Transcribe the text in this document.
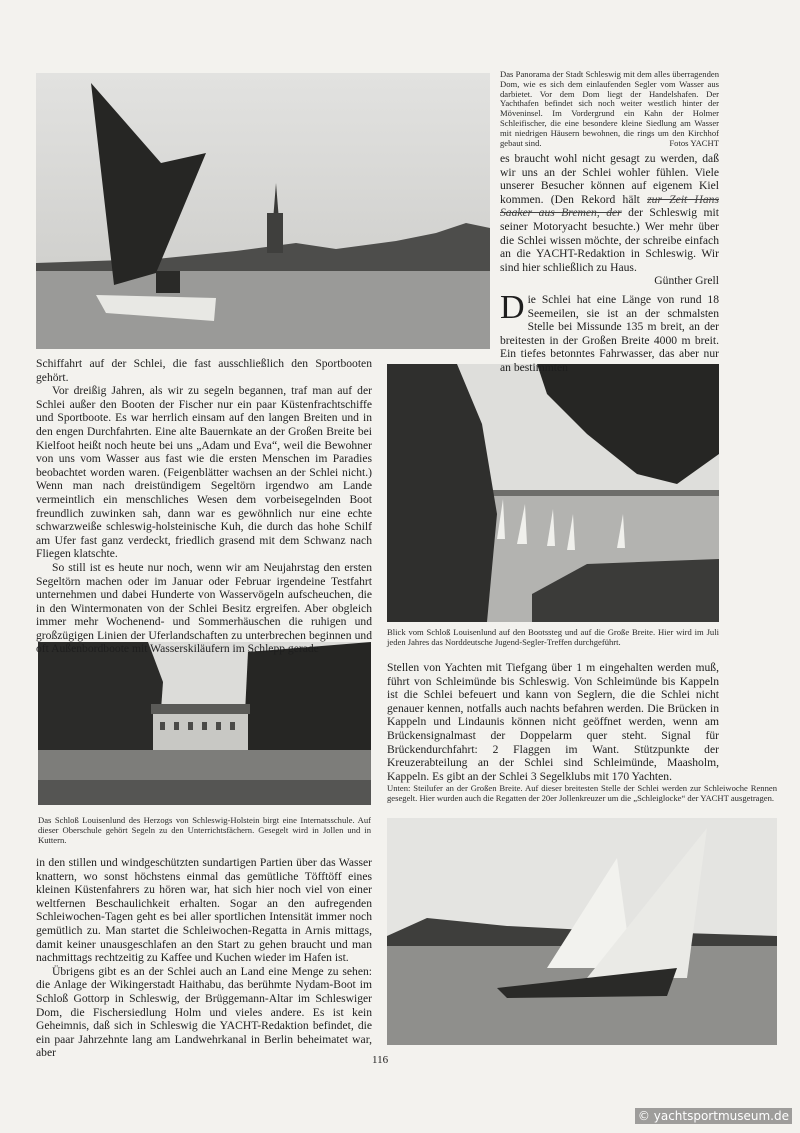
Das Panorama der Stadt Schleswig mit dem alles überragenden Dom, wie es sich dem einlaufenden Segler vom Wasser aus darbietet. Vor dem Dom liegt der Handelshafen. Der Yachthafen befindet sich noch weiter westlich hinter der Möveninsel. Im Vordergrund ein Kahn der Holmer Schleifischer, die eine besondere kleine Siedlung am Wasser mit niedrigen Häusern bewohnen, die rings um den Kirchhof gebaut sind.	Fotos YACHT

es braucht wohl nicht gesagt zu werden, daß wir uns an der Schlei wohler fühlen. Viele unserer Besucher können auf eigenem Kiel kommen. (Den Rekord hält zur Zeit Hans Saaker aus Bremen, der der Schleswig mit seiner Motoryacht besuchte.) Wer mehr über die Schlei wissen möchte, der schreibe einfach an die YACHT-Redaktion in Schleswig. Wir sind hier schließlich zu Haus.

Günther Grell

Die Schlei hat eine Länge von rund 18 Seemeilen, sie ist an der schmalsten Stelle bei Missunde 135 m breit, an der breitesten in der Großen Breite 4000 m breit. Ein tiefes betonntes Fahrwasser, das aber nur an bestimmten

Schiffahrt auf der Schlei, die fast ausschließlich den Sportbooten gehört.

Vor dreißig Jahren, als wir zu segeln begannen, traf man auf der Schlei außer den Booten der Fischer nur ein paar Küstenfrachtschiffe und Sportboote. Es war herrlich einsam auf den langen Breiten und in den engen Durchfahrten. Eine alte Bauernkate an der Großen Breite bei Kielfoot heißt noch heute bei uns „Adam und Eva“, weil die Bewohner von uns vom Wasser aus fast wie die ersten Menschen im Paradies beobachtet worden waren. (Feigenblätter wachsen an der Schlei nicht.) Wenn man nach dreistündigem Segeltörn irgendwo am Lande vermeintlich ein menschliches Wesen dem vorbeisegelnden Boot freundlich zuwinken sah, dann war es gewöhnlich nur eine echte schwarzweiße schleswig-holsteinische Kuh, die durch das hohe Schilf am Ufer fast ganz verdeckt, friedlich grasend mit dem Schwanz nach Fliegen klatschte.

So still ist es heute nur noch, wenn wir am Neujahrstag den ersten Segeltörn machen oder im Januar oder Februar irgendeine Testfahrt unternehmen und dabei Hunderte von Wasservögeln aufscheuchen, die in den Wintermonaten von der Schlei Besitz ergreifen. Aber obgleich immer mehr Wochenend- und Sommerhäuschen die ruhigen und großzügigen Linien der Uferlandschaften zu unterbrechen beginnen und oft Außenbordboote mit Wasserskiläufern im Schlepp gerade

Blick vom Schloß Louisenlund auf den Bootssteg und auf die Große Breite. Hier wird im Juli jeden Jahres das Norddeutsche Jugend-Segler-Treffen durchgeführt.
Stellen von Yachten mit Tiefgang über 1 m eingehalten werden muß, führt von Schleimünde bis Schleswig. Von Schleimünde bis Kappeln ist die Schlei befeuert und kann von Seglern, die die Schlei nicht genauer kennen, notfalls auch nachts befahren werden. Die Brücken in Kappeln und Lindaunis können nicht geöffnet werden, wenn am Brückensignalmast der Doppelarm quer steht. Signal für Brückendurchfahrt: 2 Flaggen im Want. Stützpunkte der Kreuzerabteilung an der Schlei sind Schleimünde, Maasholm, Kappeln. Es gibt an der Schlei 3 Segelklubs mit 170 Yachten.
Unten: Steilufer an der Großen Breite. Auf dieser breitesten Stelle der Schlei werden zur Schleiwoche Rennen gesegelt. Hier wurden auch die Regatten der 20er Jollenkreuzer um die „Schleiglocke“ der YACHT ausgetragen.
Das Schloß Louisenlund des Herzogs von Schleswig-Holstein birgt eine Internatsschule. Auf dieser Oberschule gehört Segeln zu den Unterrichtsfächern. Gesegelt wird in Jollen und in Kuttern.

in den stillen und windgeschützten sundartigen Partien über das Wasser knattern, wo sonst höchstens einmal das gemütliche Töfftöff eines kleinen Küstenfahrers zu hören war, hat sich hier noch viel von einer weltfernen Beschaulichkeit erhalten. Sogar an den aufregenden Schleiwochen-Tagen geht es bei aller sportlichen Intensität immer noch gemütlich zu. Man startet die Schleiwochen-Regatta in Arnis mittags, damit keiner unausgeschlafen an den Start zu gehen braucht und man nachmittags rechtzeitig zu Kaffee und Kuchen wieder im Hafen ist.

Übrigens gibt es an der Schlei auch an Land eine Menge zu sehen: die Anlage der Wikingerstadt Haithabu, das berühmte Nydam-Boot im Schloß Gottorp in Schleswig, der Brüggemann-Altar im Schleswiger Dom, die Fischersiedlung Holm und vieles andere. Es ist kein Geheimnis, daß sich in Schleswig die YACHT-Redaktion befindet, die ein paar Jahrzehnte lang am Landwehrkanal in Berlin beheimatet war, aber

116
© yachtsportmuseum.de
